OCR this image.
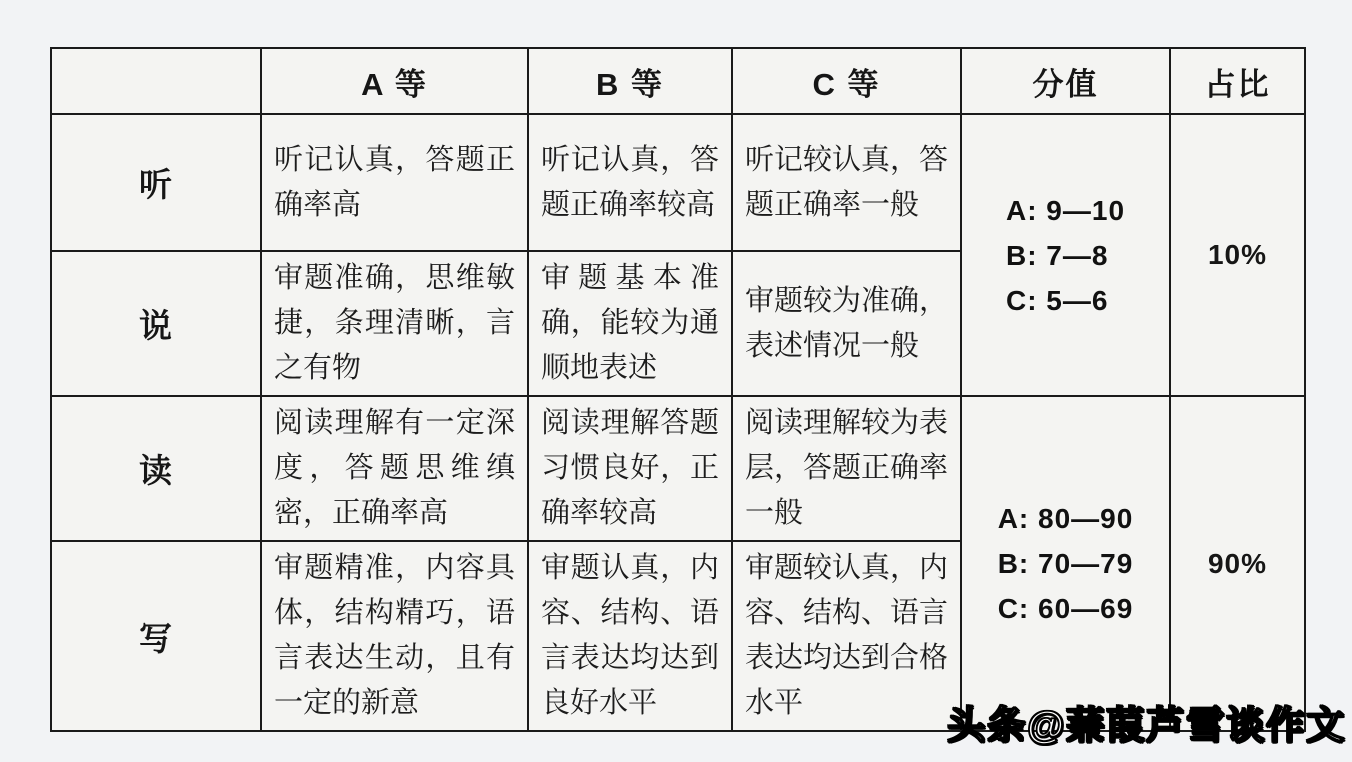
	A 等	B 等	C 等	分值	占比
听	听记认真，答题正确率高	听记认真，答题正确率较高	听记较认真，答题正确率一般	A: 9—10
B: 7—8
C: 5—6	10%
说	审题准确，思维敏捷，条理清晰，言之有物	审题基本准确，能较为通顺地表述	审题较为准确，表述情况一般		
读	阅读理解有一定深度，答题思维缜密，正确率高	阅读理解答题习惯良好，正确率较高	阅读理解较为表层，答题正确率一般	A: 80—90
B: 70—79
C: 60—69	90%
写	审题精准，内容具体，结构精巧，语言表达生动，且有一定的新意	审题认真，内容、结构、语言表达均达到良好水平	审题较认真，内容、结构、语言表达均达到合格水平		
头条@蒹葭芦雪谈作文
